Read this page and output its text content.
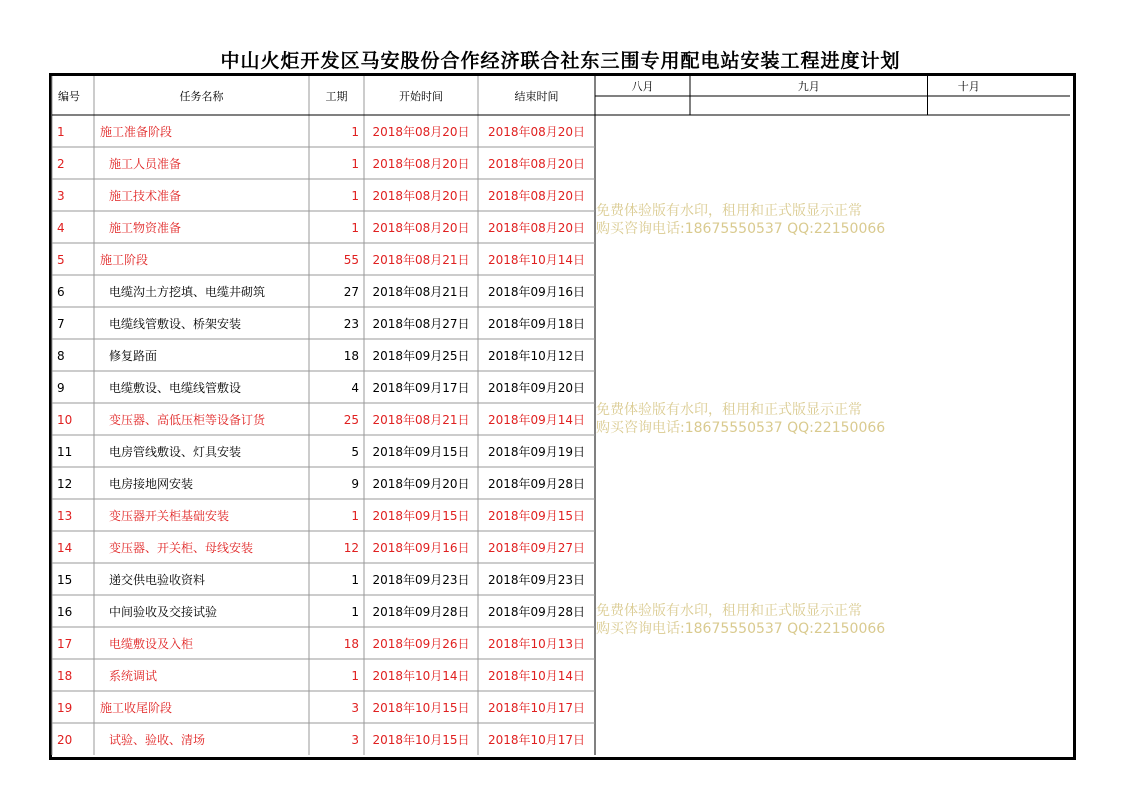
中山火炬开发区马安股份合作经济联合社东三围专用配电站安装工程进度计划
编号	任务名称	工期	开始时间	结束时间
1	施工准备阶段	1 2018年08月20日 2018年08月20日
2	施工人员准备	1 2018年08月20日 2018年08月20日
3	施工技术准备	1 2018年08月20日 2018年08月20日
4	施工物资准备	1 2018年08月20日 2018年08月20日
5	施工阶段	55 2018年08月21日 2018年10月14日
6	电缆沟土方挖填、电缆井砌筑	27 2018年08月21日 2018年09月16日
7	电缆线管敷设、桥架安装	23 2018年08月27日 2018年09月18日
8	修复路面	18 2018年09月25日 2018年10月12日
9	电缆敷设、电缆线管敷设	4 2018年09月17日 2018年09月20日
10	变压器、高低压柜等设备订货	25 2018年08月21日 2018年09月14日
11	电房管线敷设、灯具安装	5 2018年09月15日 2018年09月19日
12	电房接地网安装	9 2018年09月20日 2018年09月28日
13	变压器开关柜基础安装	1 2018年09月15日 2018年09月15日
14	变压器、开关柜、母线安装	12 2018年09月16日 2018年09月27日
15	递交供电验收资料	1 2018年09月23日 2018年09月23日
16	中间验收及交接试验	1 2018年09月28日 2018年09月28日
17	电缆敷设及入柜	18 2018年09月26日 2018年10月13日
18	系统调试	1 2018年10月14日 2018年10月14日
19 施工收尾阶段	3 2018年10月15日 2018年10月17日
20	试验、验收、清场	3 2018年10月15日 2018年10月17日
八月	九月	十月
免费体验版有水印，租用和正式版显示正常
购买咨询电话:18675550537 QQ:22150066
免费体验版有水印，租用和正式版显示正常
购买咨询电话:18675550537 QQ:22150066
免费体验版有水印，租用和正式版显示正常
购买咨询电话:18675550537 QQ:22150066
